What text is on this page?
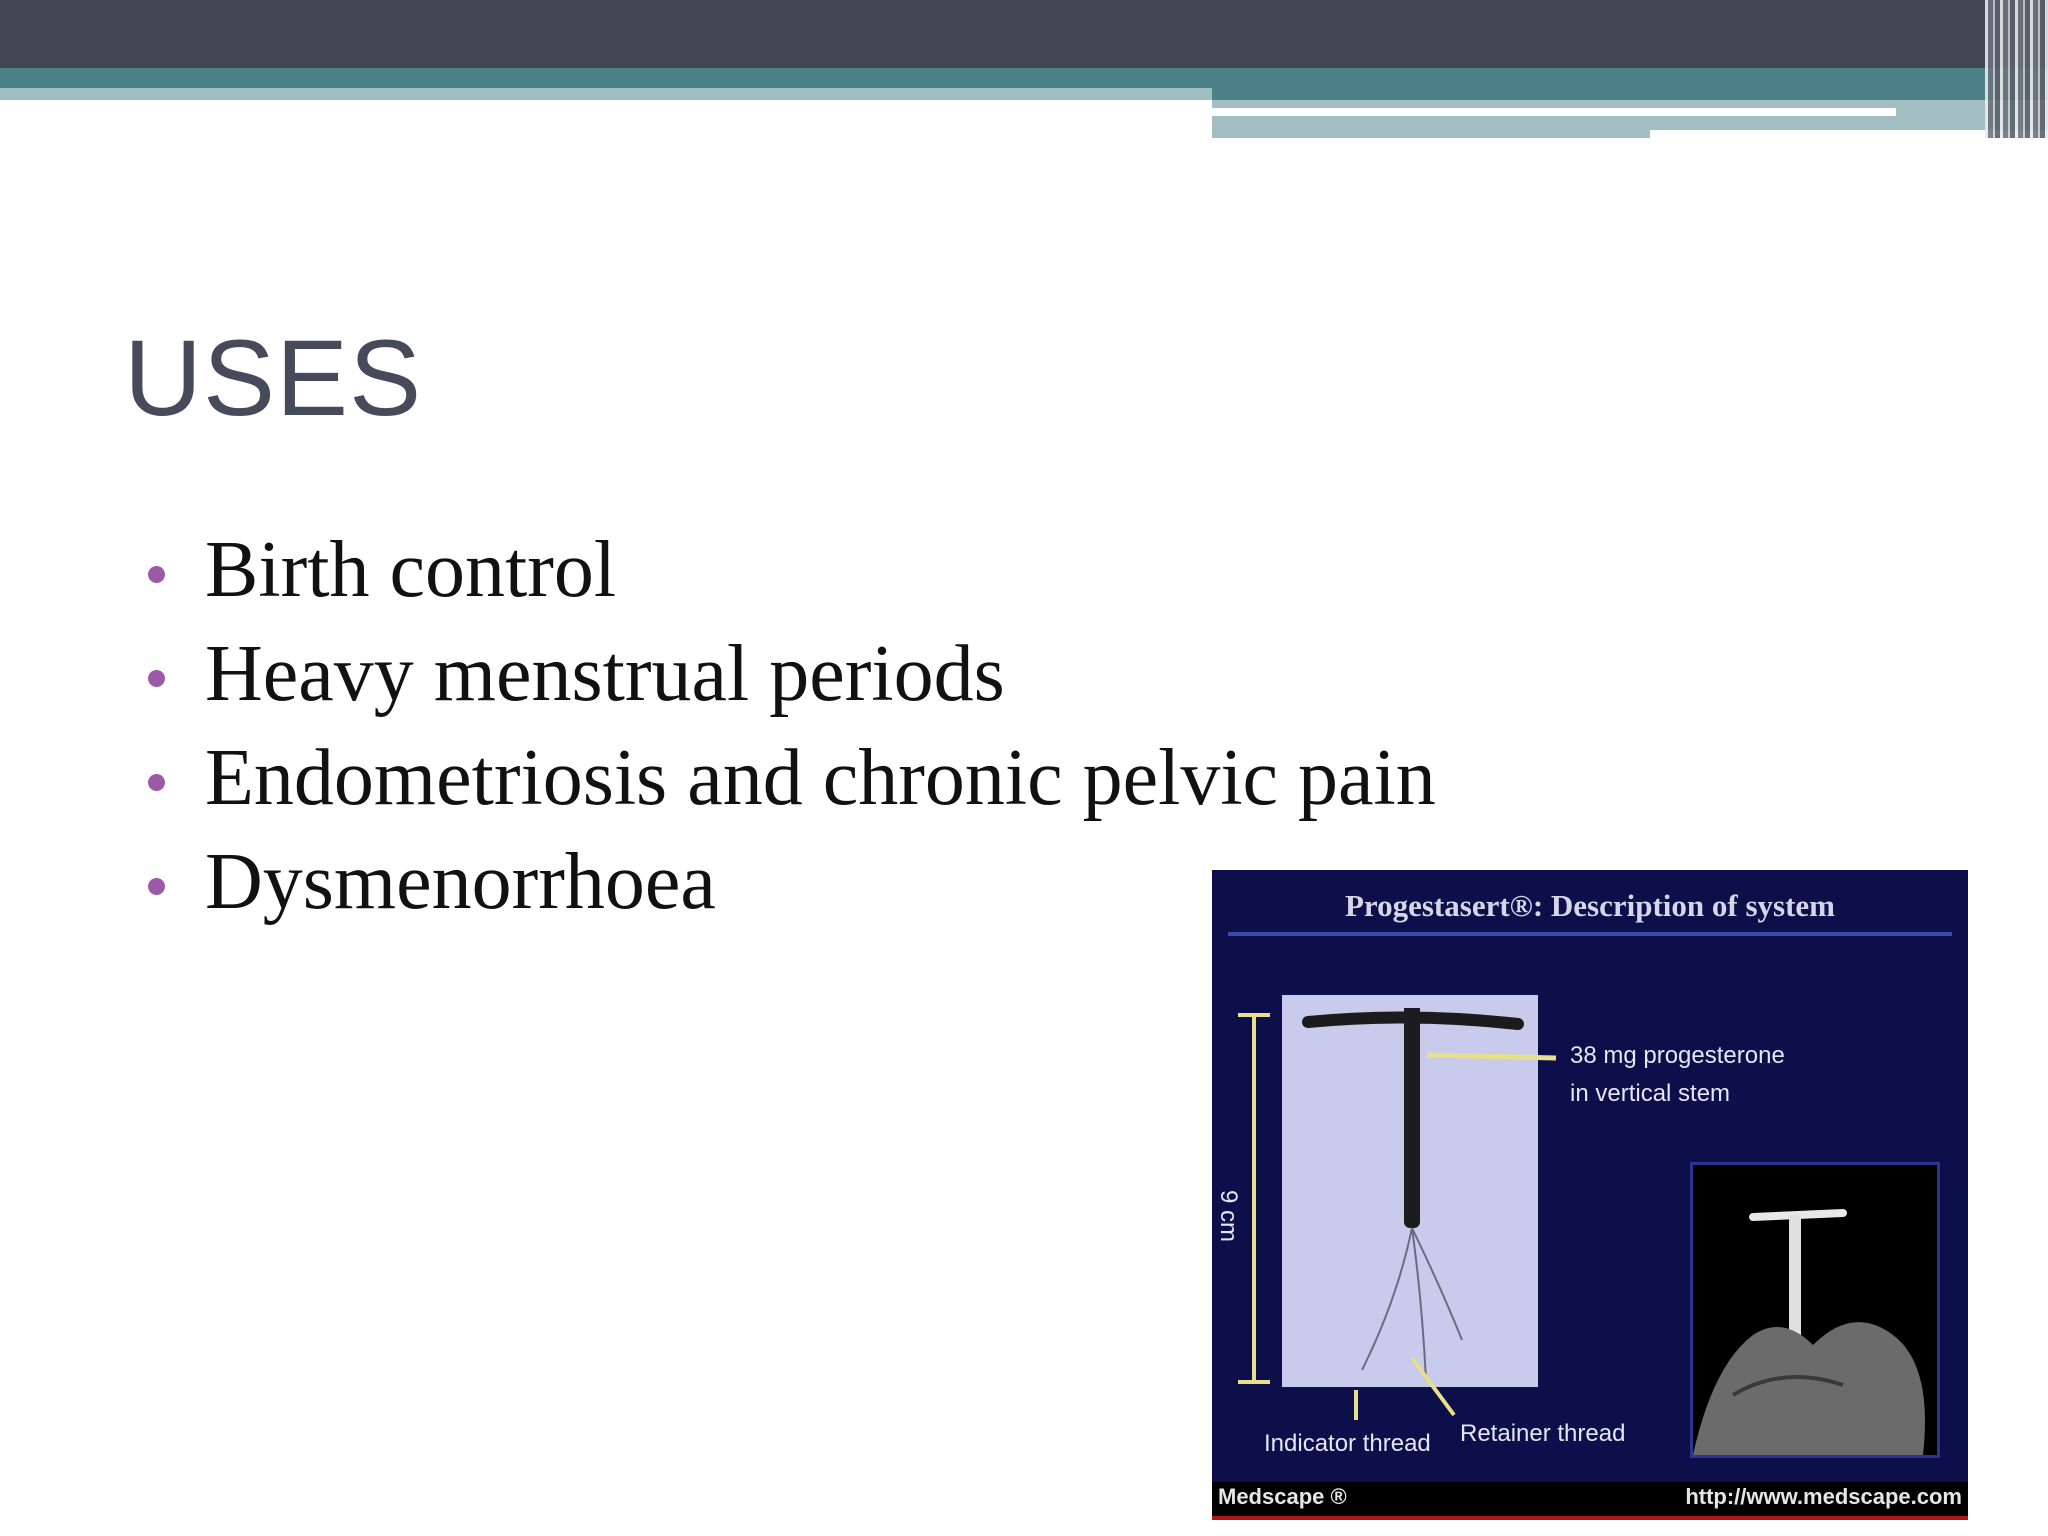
USES
Birth control
Heavy menstrual periods
Endometriosis and chronic pelvic pain
Dysmenorrhoea	Progestasert®: Description of system
9 cm
38 mg progesterone
in vertical stem
Indicator thread Retainer thread
Medscape ®	http://www.medscape.com
